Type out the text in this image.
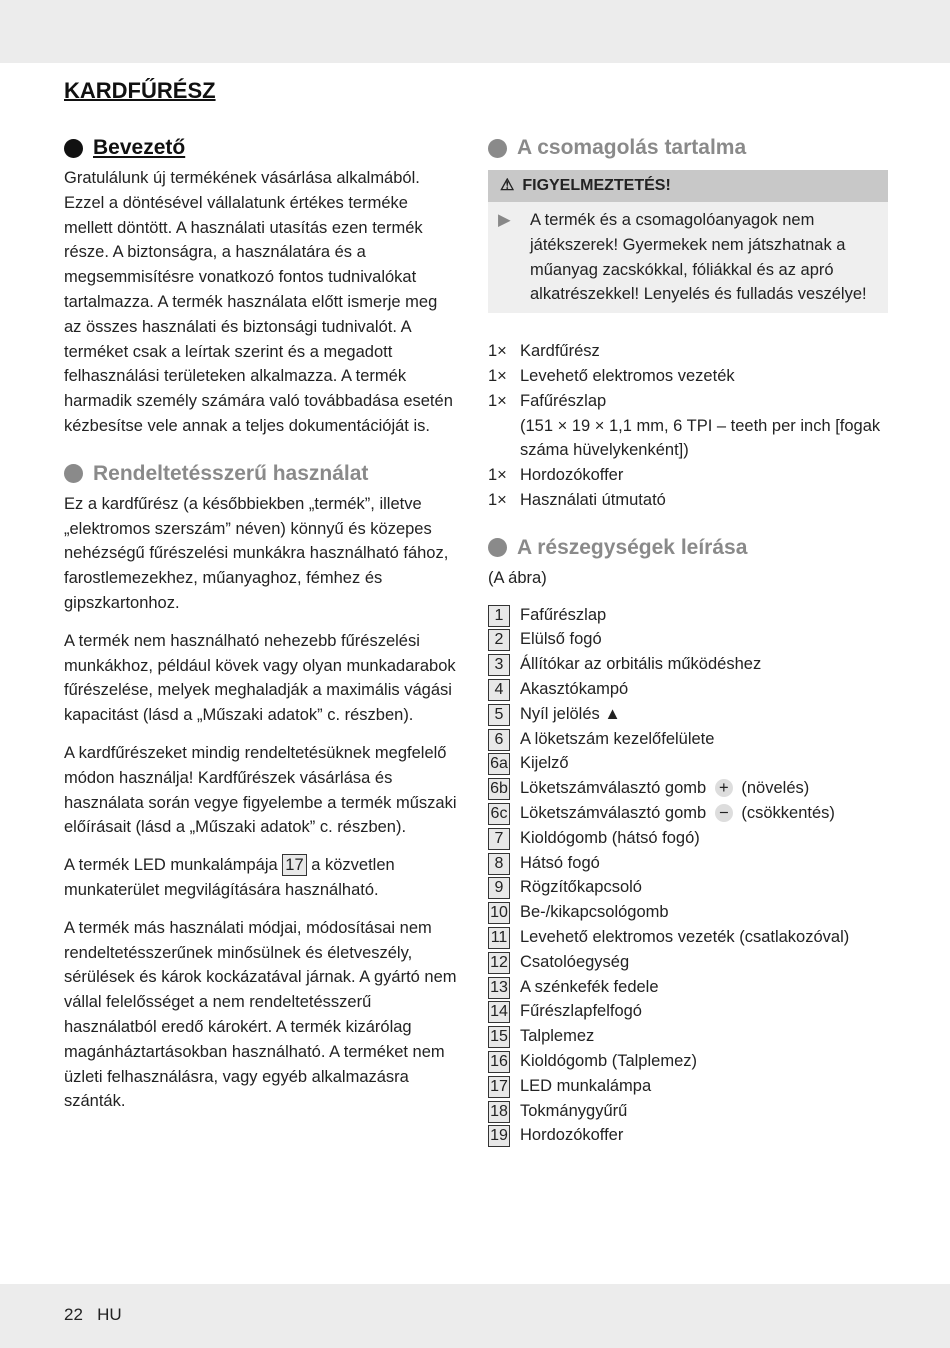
KARDFŰRÉSZ
Bevezető

Gratulálunk új termékének vásárlása alkalmából. Ezzel a döntésével vállalatunk értékes terméke mellett döntött. A használati utasítás ezen termék része. A biztonságra, a használatára és a megsemmisítésre vonatkozó fontos tudnivalókat tartalmazza. A termék használata előtt ismerje meg az összes használati és biztonsági tudnivalót. A terméket csak a leírtak szerint és a megadott felhasználási területeken alkalmazza. A termék harmadik személy számára való továbbadása esetén kézbesítse vele annak a teljes dokumentációját is.

Rendeltetésszerű használat

Ez a kardfűrész (a későbbiekben „termék”, illetve „elektromos szerszám” néven) könnyű és közepes nehézségű fűrészelési munkákra használható fához, farostlemezekhez, műanyaghoz, fémhez és gipszkartonhoz.

A termék nem használható nehezebb fűrészelési munkákhoz, például kövek vagy olyan munkadarabok fűrészelése, melyek meghaladják a maximális vágási kapacitást (lásd a „Műszaki adatok” c. részben).

A kardfűrészeket mindig rendeltetésüknek megfelelő módon használja! Kardfűrészek vásárlása és használata során vegye figyelembe a termék műszaki előírásait (lásd a „Műszaki adatok” c. részben).

A termék LED munkalámpája 17 a közvetlen munkaterület megvilágítására használható.

A termék más használati módjai, módosításai nem rendeltetésszerűnek minősülnek és életveszély, sérülések és károk kockázatával járnak. A gyártó nem vállal felelősséget a nem rendeltetésszerű használatból eredő károkért. A termék kizárólag magánháztartásokban használható. A terméket nem üzleti felhasználásra, vagy egyéb alkalmazásra szánták.

A csomagolás tartalma
⚠ FIGYELMEZTETÉS!
▶	A termék és a csomagolóanyagok nem játékszerek! Gyermekek nem játszhatnak a műanyag zacskókkal, fóliákkal és az apró alkatrészekkel! Lenyelés és fulladás veszélye!
1× Kardfűrész
1× Levehető elektromos vezeték
1× Fafűrészlap
(151 × 19 × 1,1 mm, 6 TPI – teeth per inch [fogak száma hüvelykenként])
1× Hordozókoffer
1× Használati útmutató
A részegységek leírása
(A ábra)
1	Fafűrészlap
2	Elülső fogó
3	Állítókar az orbitális működéshez
4	Akasztókampó
5	Nyíl jelölés ▲
6	A löketszám kezelőfelülete
6a Kijelző
6b Löketszámválasztó gomb + (növelés)
6c Löketszámválasztó gomb − (csökkentés)
7	Kioldógomb (hátsó fogó)
8	Hátsó fogó
9	Rögzítőkapcsoló
10 Be-/kikapcsológomb
11 Levehető elektromos vezeték (csatlakozóval)
12 Csatolóegység
13 A szénkefék fedele
14 Fűrészlapfelfogó
15 Talplemez
16 Kioldógomb (Talplemez)
17 LED munkalámpa
18 Tokmánygyűrű
19 Hordozókoffer
22 HU
